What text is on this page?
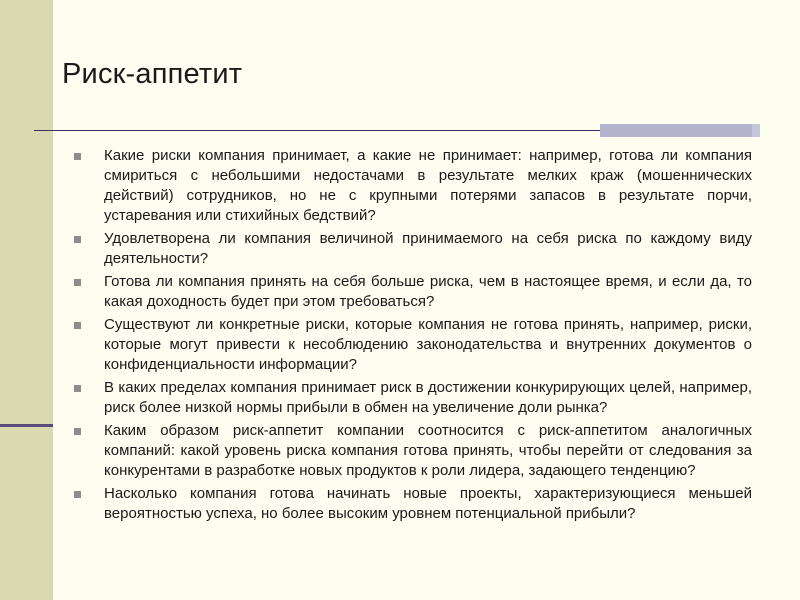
Риск-аппетит
Какие риски компания принимает, а какие не принимает: например, готова ли компания смириться с небольшими недостачами в результате мелких краж (мошеннических действий) сотрудников, но не с крупными потерями запасов в результате порчи, устаревания или стихийных бедствий?
Удовлетворена ли компания величиной принимаемого на себя риска по каждому виду деятельности?
Готова ли компания принять на себя больше риска, чем в настоящее время, и если да, то какая доходность будет при этом требоваться?
Существуют ли конкретные риски, которые компания не готова принять, например, риски, которые могут привести к несоблюдению законодательства и внутренних документов о конфиденциальности информации?
В каких пределах компания принимает риск в достижении конкурирующих целей, например, риск более низкой нормы прибыли в обмен на увеличение доли рынка?
Каким образом риск-аппетит компании соотносится с риск-аппетитом аналогичных компаний: какой уровень риска компания готова принять, чтобы перейти от следования за конкурентами в разработке новых продуктов к роли лидера, задающего тенденцию?
Насколько компания готова начинать новые проекты, характеризующиеся меньшей вероятностью успеха, но более высоким уровнем потенциальной прибыли?
